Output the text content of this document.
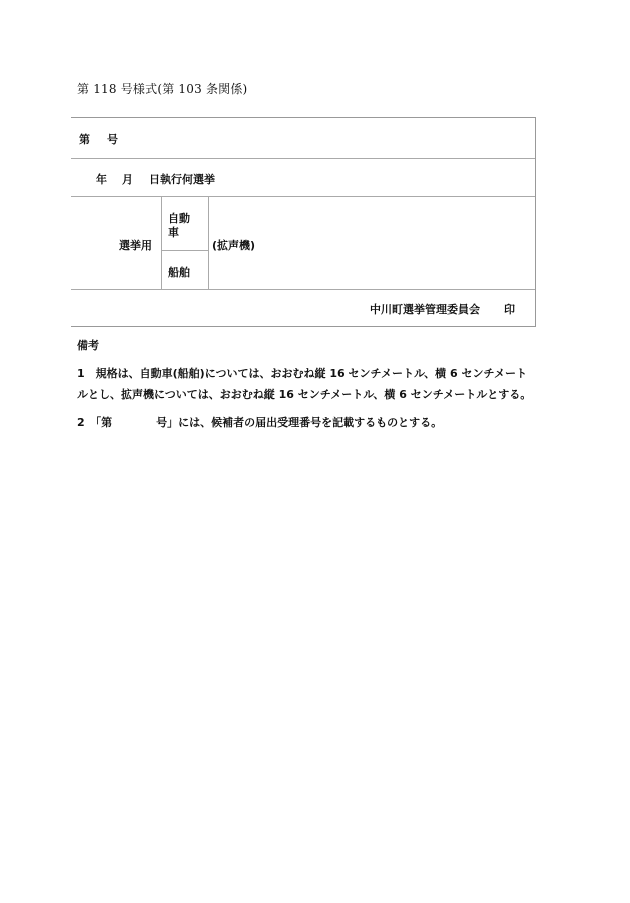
第 118 号様式(第 103 条関係)
第 号
年 月 日執行何選挙
選挙用
自動
車
船舶
(拡声機)
中川町選挙管理委員会 印
備考
1　規格は、自動車(船舶)については、おおむね縦 16 センチメートル、横 6 センチメート
ルとし、拡声機については、おおむね縦 16 センチメートル、横 6 センチメートルとする。
2　「第	号」には、候補者の届出受理番号を記載するものとする。
